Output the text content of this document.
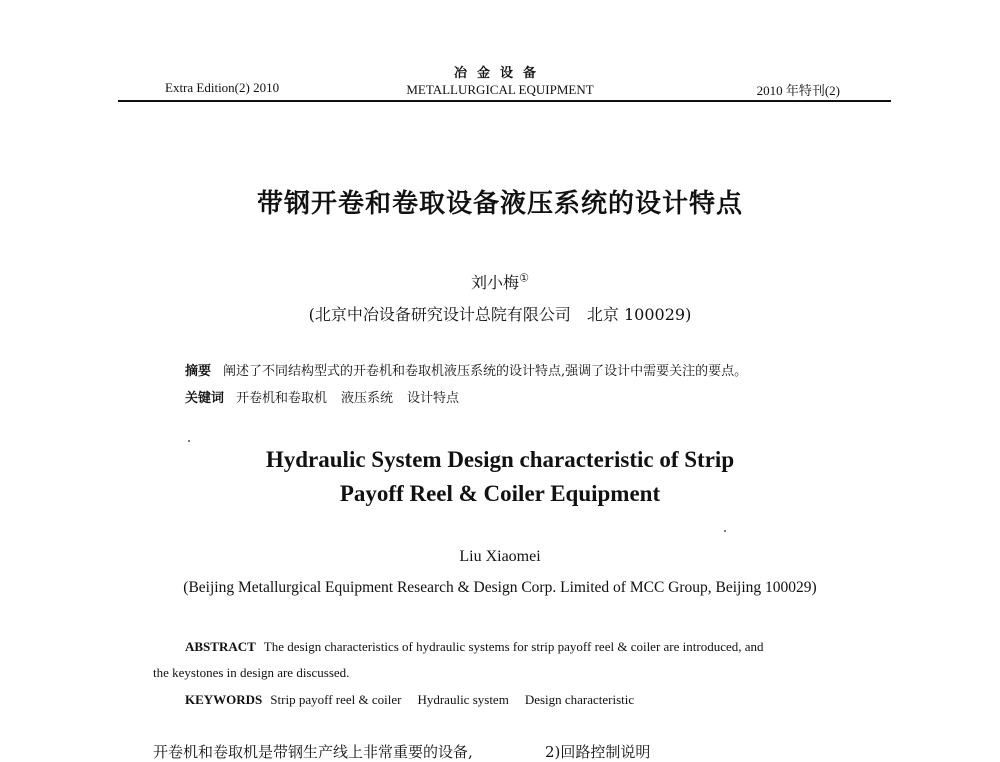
Extra Edition(2) 2010
冶金设备
METALLURGICAL EQUIPMENT	2010 年特刊(2)
带钢开卷和卷取设备液压系统的设计特点
刘小梅①
(北京中冶设备研究设计总院有限公司　北京 100029)
摘要 阐述了不同结构型式的开卷机和卷取机液压系统的设计特点,强调了设计中需要关注的要点。
关键词 开卷机和卷取机 液压系统 设计特点
Hydraulic System Design characteristic of Strip
Payoff Reel & Coiler Equipment
Liu Xiaomei
(Beijing Metallurgical Equipment Research & Design Corp. Limited of MCC Group, Beijing 100029)
ABSTRACT The design characteristics of hydraulic systems for strip payoff reel & coiler are introduced, and
the keystones in design are discussed.
KEYWORDS Strip payoff reel & coiler Hydraulic system Design characteristic
开卷机和卷取机是带钢生产线上非常重要的设备,	2)回路控制说明
